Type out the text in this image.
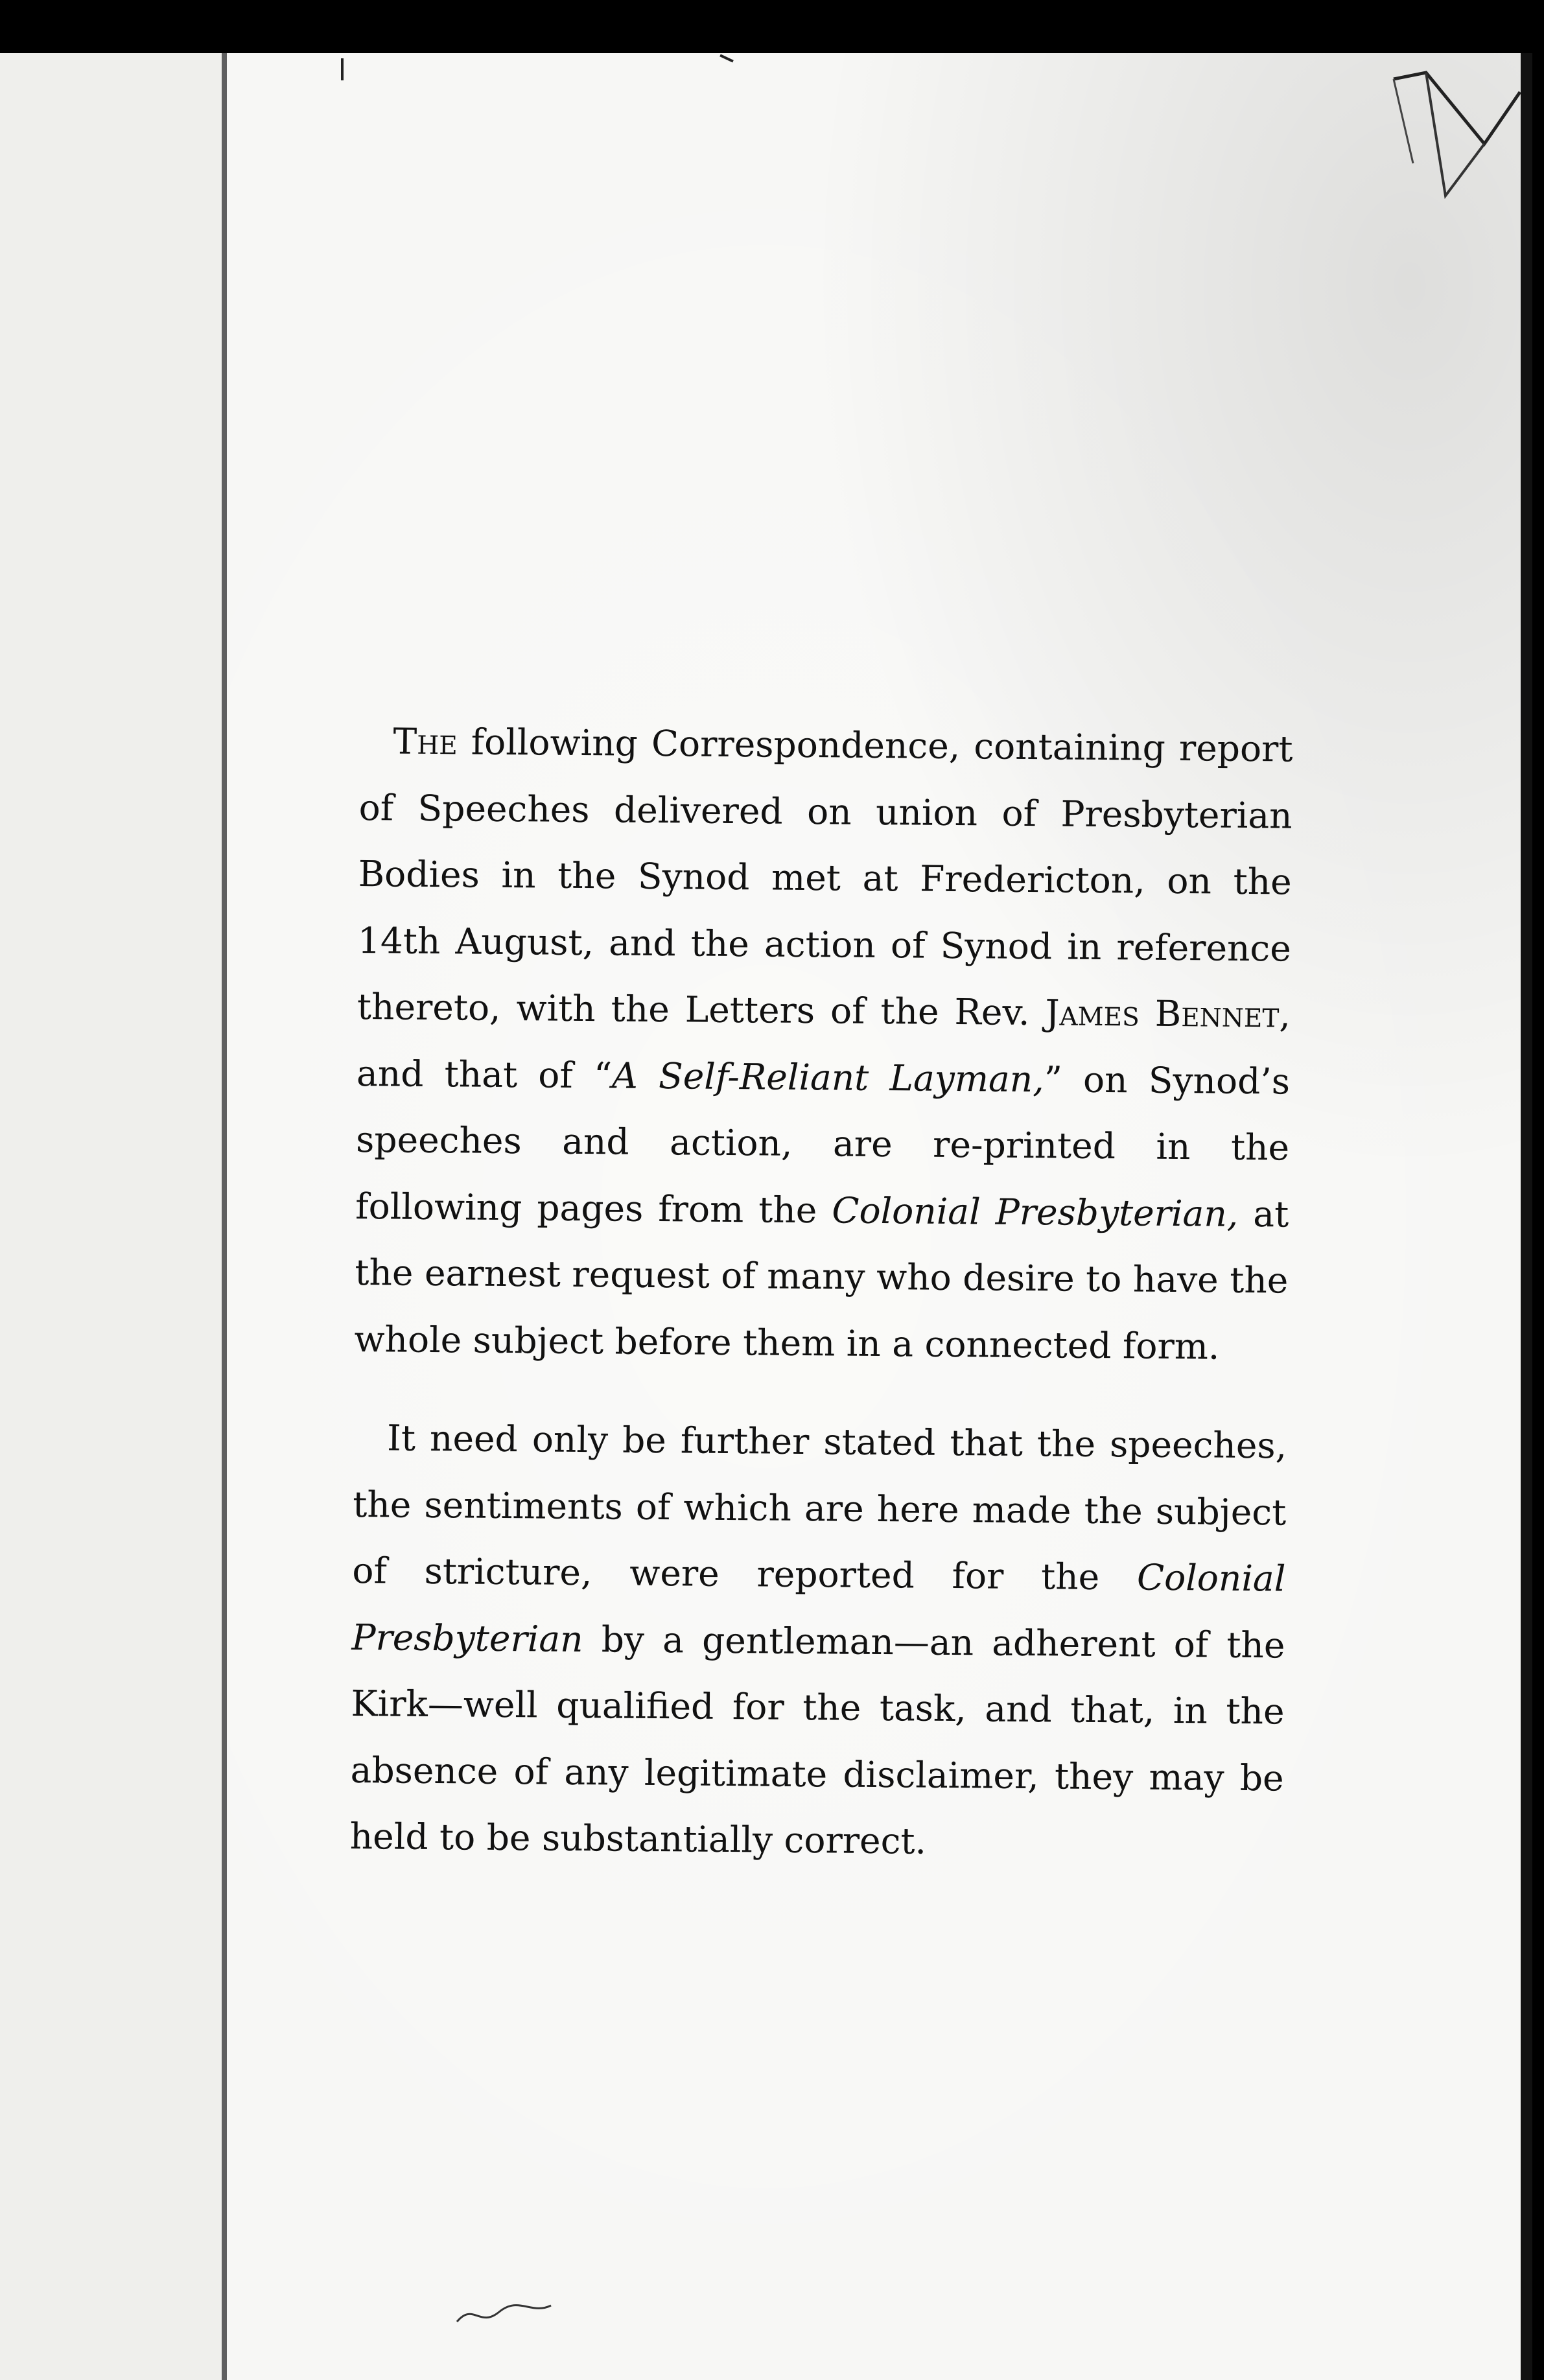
The following Correspondence, containing report of Speeches delivered on union of Presbyterian Bodies in the Synod met at Fredericton, on the 14th August, and the action of Synod in reference thereto, with the Letters of the Rev. James Bennet, and that of “A Self-Reliant Layman,” on Synod’s speeches and action, are re-printed in the following pages from the Colonial Presbyterian, at the earnest request of many who desire to have the whole subject before them in a connected form.

It need only be further stated that the speeches, the sentiments of which are here made the subject of stricture, were reported for the Colonial Presbyterian by a gentleman—an adherent of the Kirk—well qualified for the task, and that, in the absence of any legitimate disclaimer, they may be held to be substantially correct.
